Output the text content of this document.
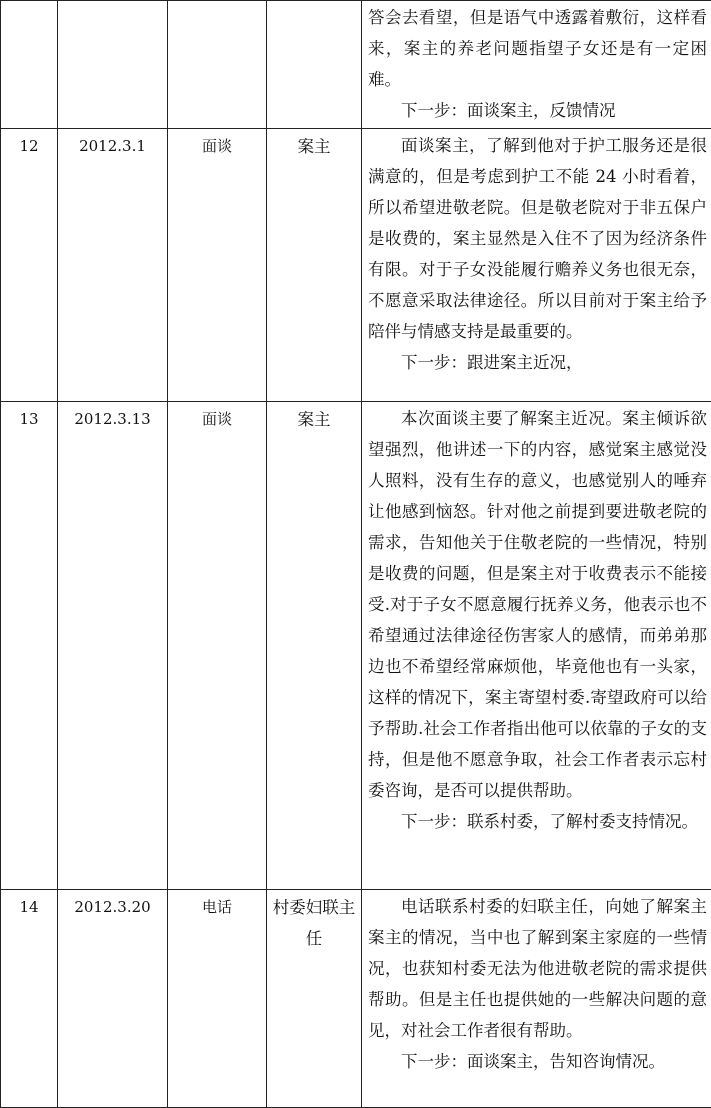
				答会去看望，但是语气中透露着敷衍，这样看来，案主的养老问题指望子女还是有一定困难。

下一步：面谈案主，反馈情况

12	2012.3.1	面谈	案主	面谈案主，了解到他对于护工服务还是很满意的，但是考虑到护工不能 24 小时看着，所以希望进敬老院。但是敬老院对于非五保户是收费的，案主显然是入住不了因为经济条件有限。对于子女没能履行赡养义务也很无奈，不愿意采取法律途径。所以目前对于案主给予陪伴与情感支持是最重要的。

下一步：跟进案主近况，

13	2012.3.13	面谈	案主	本次面谈主要了解案主近况。案主倾诉欲望强烈，他讲述一下的内容，感觉案主感觉没人照料，没有生存的意义，也感觉别人的唾弃让他感到恼怒。针对他之前提到要进敬老院的需求，告知他关于住敬老院的一些情况，特别是收费的问题，但是案主对于收费表示不能接受.对于子女不愿意履行抚养义务，他表示也不希望通过法律途径伤害家人的感情，而弟弟那边也不希望经常麻烦他，毕竟他也有一头家，这样的情况下，案主寄望村委.寄望政府可以给予帮助.社会工作者指出他可以依靠的子女的支持，但是他不愿意争取，社会工作者表示忘村委咨询，是否可以提供帮助。

下一步：联系村委，了解村委支持情况。

14	2012.3.20	电话	村委妇联主任	电话联系村委的妇联主任，向她了解案主案主的情况，当中也了解到案主家庭的一些情况，也获知村委无法为他进敬老院的需求提供帮助。但是主任也提供她的一些解决问题的意见，对社会工作者很有帮助。

下一步：面谈案主，告知咨询情况。
